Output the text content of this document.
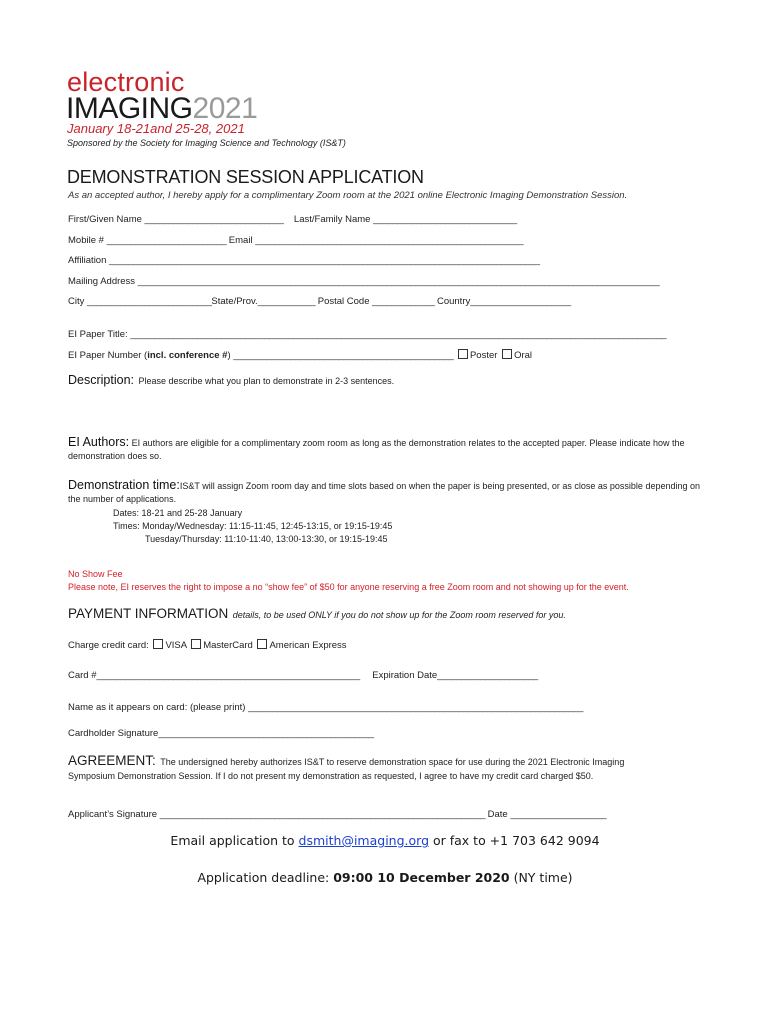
electronic
IMAGING2021
January 18-21and 25-28, 2021
Sponsored by the Society for Imaging Science and Technology (IS&T)
DEMONSTRATION SESSION APPLICATION
As an accepted author, I hereby apply for a complimentary Zoom room at the 2021 online Electronic Imaging Demonstration Session.
First/Given Name _____________________________ Last/Family Name ______________________________
Mobile # _________________________ Email ________________________________________________________
Affiliation __________________________________________________________________________________________
Mailing Address _____________________________________________________________________________________________________________
City __________________________State/Prov.____________ Postal Code _____________ Country_____________________
EI Paper Title: ________________________________________________________________________________________________________________
EI Paper Number (incl. conference #) ______________________________________________ Poster Oral
Description: Please describe what you plan to demonstrate in 2-3 sentences.
EI Authors: EI authors are eligible for a complimentary zoom room as long as the demonstration relates to the accepted paper. Please indicate how the demonstration does so.
Demonstration time:IS&T will assign Zoom room day and time slots based on when the paper is being presented, or as close as possible depending on the number of applications.
Dates: 18-21 and 25-28 January
Times: Monday/Wednesday: 11:15-11:45, 12:45-13:15, or 19:15-19:45
Tuesday/Thursday: 11:10-11:40, 13:00-13:30, or 19:15-19:45
No Show Fee
Please note, EI reserves the right to impose a no “show fee” of $50 for anyone reserving a free Zoom room and not showing up for the event.
PAYMENT INFORMATION details, to be used ONLY if you do not show up for the Zoom room reserved for you.
Charge credit card: VISA MasterCard American Express
Card #_______________________________________________________ Expiration Date_____________________
Name as it appears on card: (please print) ______________________________________________________________________
Cardholder Signature_____________________________________________
AGREEMENT: The undersigned hereby authorizes IS&T to reserve demonstration space for use during the 2021 Electronic Imaging
Symposium Demonstration Session. If I do not present my demonstration as requested, I agree to have my credit card charged $50.
Applicant’s Signature ____________________________________________________________________ Date ____________________
Email application to dsmith@imaging.org or fax to +1 703 642 9094
Application deadline: 09:00 10 December 2020 (NY time)
